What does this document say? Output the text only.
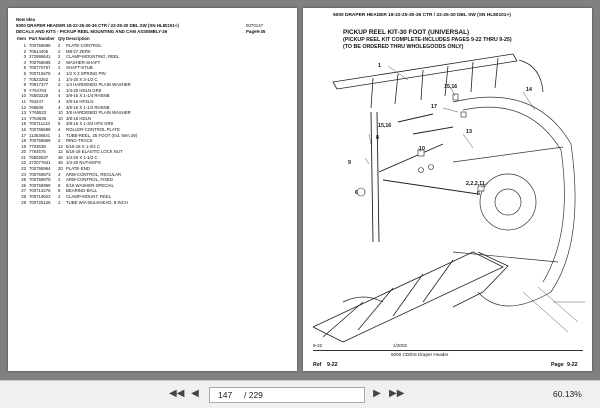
New Idea
5000 DRAPER HEADER 18-22-25-30-36 CTR / 22-25-30 DBL SW (SN HL80101+)	0070147
DECALS AND KITS - PICKUP REEL MOUNTING AND CAM ASSEMBLY-36	Page9-35
Item Part Number Qty Description
1 700758696 2 PLATE-CONTROL
2 70514405 2 M8-27 ZERK
3 372995641 2 CLAMP-MOUNTING, REEL
4 700758699 2 WASHER-SHAFT
5 700770767 2 SHAFT-STUB
6 700715676 4 1/2 X 2 SPRING PIN
7 70523262 1 1/4-20 X 3-1/2 C
8 70917377 2 1/4 HARDENED PLAIN WASHER
9 Y764763	1 1/4-20 HDLN GR8
10 76503228 4 3/8-16 X 1-1/4 RHSNB
11 764247	4 3/8-16 HFSLN
12 768836	4 3/8-16 X 1-1/2 RHSNB
13 Y765533	10 3/8 HARDENED PLAIN WASHER
14 Y764635	10 3/8-16 HDLN
15 700711134 8 3/8-16 X 1-3/4 HFS GR8
16 700758688 4 ROLLER-CONTROL PLATE
17 113636641 1 TUBE-REEL, 25 FOOT (Ind. Item 29)
18 700758869 2 RING-TRACK
19 7703638	12 5/16-18 X 1-3/4 C
20 7764575	12 5/16-18 ELASTIC LOCK NUT
21 76502637 36 1/4-20 X 1-1/2 C
22 372077641 36 1/4-20 NUT-KEPS
23 700758964 30 PLATE-END
24 700758873 4 ARM-CONTROL, REGULAR
25 700758878 2 ARM-CONTROL, FIXED
26 700758959 8 5/16 WASHER-SPECIAL
27 700713276 8 BEARING-BALL
28 700719623 2 CLAMP-MOUNT, REEL
29 700725126 2 TUBE W/A-BULKHEAD, 8 INCH
5000 DRAPER HEADER 18-22-25-30-36 CTR / 22-25-30 DBL SW (SN HL80101+)
PICKUP REEL KIT-30 FOOT (UNIVERSAL)
(PICKUP REEL KIT COMPLETE-INCLUDES PAGES 9-22 THRU 9-25)
(TO BE ORDERED THRU WHOLEGOODS ONLY)
1
15,16	14
17
13
15,16
9
8
10
2,2,2,11
5
6
9-22	1/2002
5000 CD/DS Draper Header
Ref 9-22	Page 9-22
◀◀ ◀	147 / 229	▶ ▶▶	60.13%
